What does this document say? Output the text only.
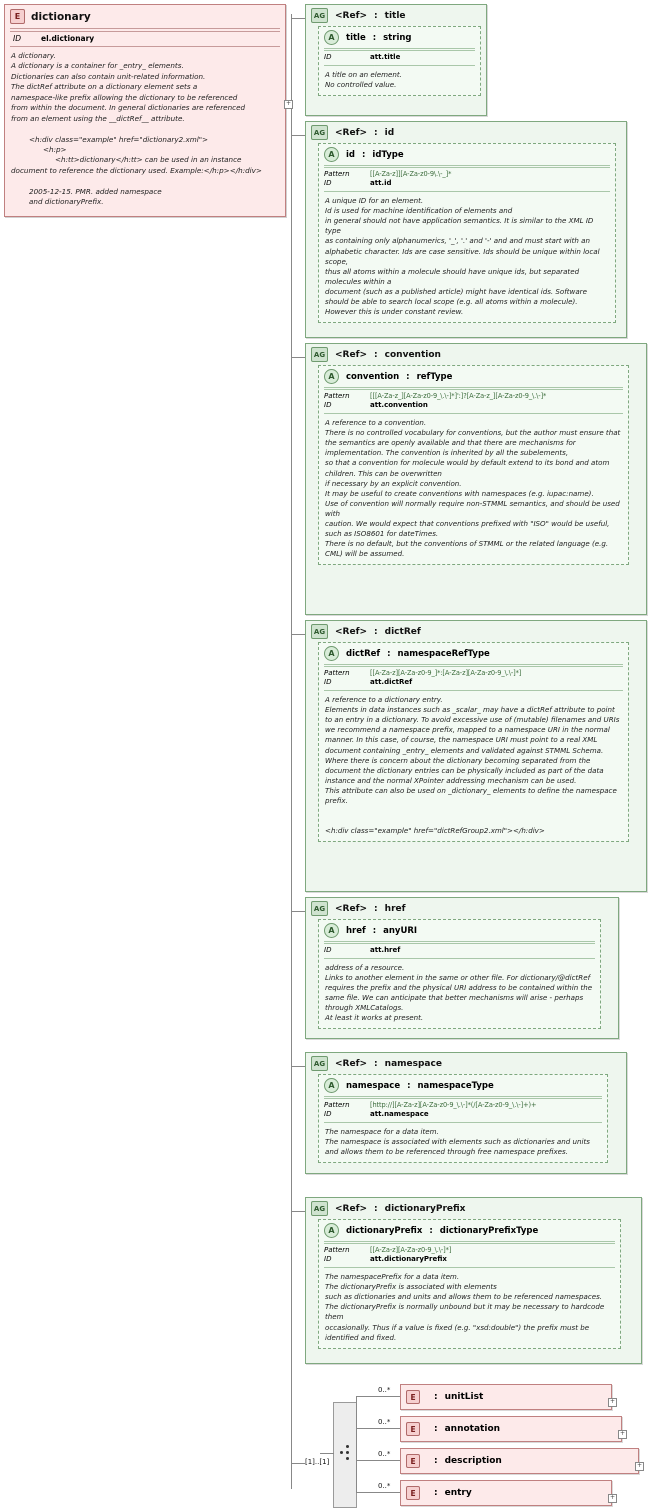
E	dictionary
ID	el.dictionary
A dictionary.
A dictionary is a container for _entry_ elements.
Dictionaries can also contain unit-related information.
The dictRef attribute on a dictionary element sets a
namespace-like prefix allowing the dictionary to be referenced
from within the document. In general dictionaries are referenced
from an element using the __dictRef__ attribute.

<h:div class="example" href="dictionary2.xml">
<h:p>
<h:tt>dictionary</h:tt> can be used in an instance
document to reference the dictionary used. Example:</h:p></h:div>

2005-12-15. PMR. added namespace
and dictionaryPrefix.
+
AG	<Ref> : title
A	title : string
ID	att.title
A title on an element.
No controlled value.
AG	<Ref> : id
A	id : idType
Pattern	[[A-Za-z]][A-Za-z0-9\.\-_]*
ID	att.id
A unique ID for an element.
Id is used for machine identification of elements and
in general should not have application semantics. It is similar to the XML ID type
as containing only alphanumerics, '_', '.' and '-' and and must start with an alphabetic character. Ids are case sensitive. Ids should be unique within local scope,
thus all atoms within a molecule should have unique ids, but separated molecules within a
document (such as a published article) might have identical ids. Software should be able to search local scope (e.g. all atoms within a molecule). However this is under constant review.
AG	<Ref> : convention
A	convention : refType
Pattern	[[[A-Za-z_][A-Za-z0-9_\.\-]*]':]?[A-Za-z_][A-Za-z0-9_\.\-]*
ID	att.convention
A reference to a convention.
There is no controlled vocabulary for conventions, but the author must ensure that the semantics are openly available and that there are mechanisms for implementation. The convention is inherited by all the subelements,
so that a convention for molecule would by default extend to its bond and atom children. This can be overwritten
if necessary by an explicit convention.
It may be useful to create conventions with namespaces (e.g. iupac:name).
Use of convention will normally require non-STMML semantics, and should be used with
caution. We would expect that conventions prefixed with "ISO" would be useful,
such as ISO8601 for dateTimes.
There is no default, but the conventions of STMML or the related language (e.g. CML) will be assumed.
AG	<Ref> : dictRef
A	dictRef : namespaceRefType
Pattern	[[A-Za-z][A-Za-z0-9_]*:[A-Za-z][A-Za-z0-9_\.\-]*]
ID	att.dictRef
A reference to a dictionary entry.
Elements in data instances such as _scalar_ may have a dictRef attribute to point to an entry in a dictionary. To avoid excessive use of (mutable) filenames and URIs we recommend a namespace prefix, mapped to a namespace URI in the normal manner. In this case, of course, the namespace URI must point to a real XML document containing _entry_ elements and validated against STMML Schema.
Where there is concern about the dictionary becoming separated from the document the dictionary entries can be physically included as part of the data instance and the normal XPointer addressing mechanism can be used.
This attribute can also be used on _dictionary_ elements to define the namespace prefix.

<h:div class="example" href="dictRefGroup2.xml"></h:div>
AG	<Ref> : href
A	href : anyURI
ID	att.href
address of a resource.
Links to another element in the same or other file. For dictionary/@dictRef requires the prefix and the physical URI address to be contained within the same file. We can anticipate that better mechanisms will arise - perhaps through XMLCatalogs.
At least it works at present.
AG	<Ref> : namespace
A	namespace : namespaceType
Pattern	[http://][A-Za-z][A-Za-z0-9_\.\-]*(/[A-Za-z0-9_\.\-]+)+
ID	att.namespace
The namespace for a data item.
The namespace is associated with elements such as dictionaries and units and allows them to be referenced through free namespace prefixes.
AG	<Ref> : dictionaryPrefix
A	dictionaryPrefix : dictionaryPrefixType
Pattern	[[A-Za-z][A-Za-z0-9_\.\-]*]
ID	att.dictionaryPrefix
The namespacePrefix for a data item.
The dictionaryPrefix is associated with elements
such as dictionaries and units and allows them to be referenced namespaces.
The dictionaryPrefix is normally unbound but it may be necessary to hardcode them
occasionally. Thus if a value is fixed (e.g. "xsd:double") the prefix must be identified and fixed.
[1]..[1]
0..*
E	: unitList	+
0..*
E	: annotation	+
0..*
E	: description	+
0..*
E	: entry	+
